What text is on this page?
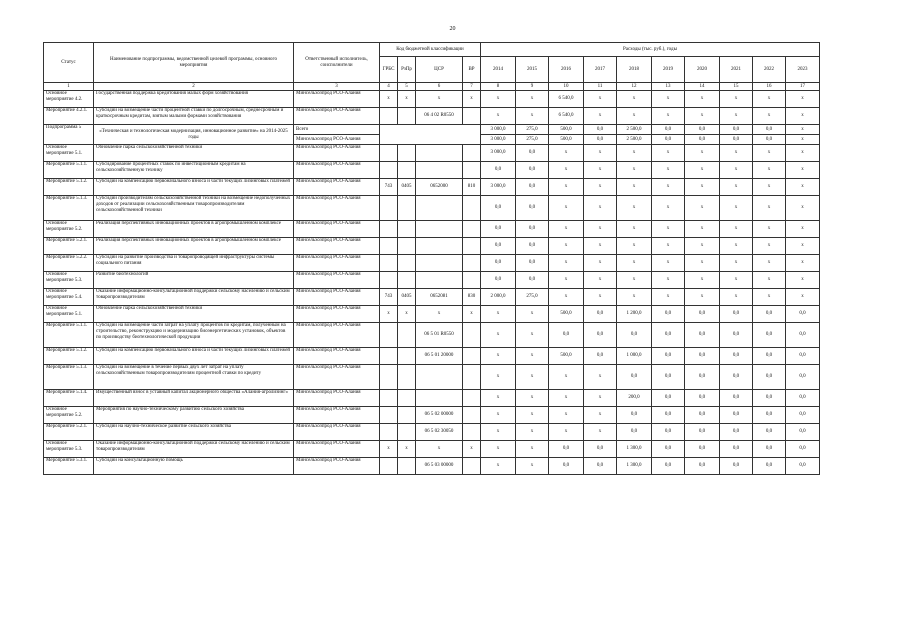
20
Статус	Наименование подпрограммы, ведомственной целевой программы, основного мероприятия	Ответственный исполнитель, соисполнители	Код бюджетной классификации				Расходы (тыс. руб.), годы									
			ГРБС	РзПр	ЦСР	ВР	2014	2015	2016	2017	2018	2019	2020	2021	2022	2023
1	2	3	4	5	6	7	8	9	10	11	12	13	14	15	16	17
Основное мероприятие 4.2.	Государственная поддержка кредитования малых форм хозяйствования	Минсельхозпрод РСО-Алания	х	х	х	х	х	х	6 540,0	х	х	х	х	х	х	х
Мероприятие 4.2.1.	Субсидии на возмещение части процентной ставки по долгосрочным, среднесрочным и краткосрочным кредитам, взятым малыми формами хозяйствования	Минсельхозпрод РСО-Алания			06 4 02 R0550		х	х	6 540,0	х	х	х	х	х	х	х
Подпрограмма 5	«Техническая и технологическая модернизация, инновационное развитие» на 2014-2025 годы	Всего					3 000,0	275,0	500,0	0,0	2 500,0	0,0	0,0	0,0	0,0	х
		Минсельхозпрод РСО-Алания					3 000,0	275,0	500,0	0,0	2 500,0	0,0	0,0	0,0	0,0	х
Основное мероприятие 5.1.	Обновление парка сельскохозяйственной техники	Минсельхозпрод РСО-Алания					3 000,0	0,0	х	х	х	х	х	х	х	х
Мероприятие 5.1.1.	Субсидирование процентных ставок по инвестиционным кредитам на сельскохозяйственную технику	Минсельхозпрод РСО-Алания					0,0	0,0	х	х	х	х	х	х	х	х
Мероприятие 5.1.2.	Субсидии на компенсацию первоначального взноса и части текущих лизинговых платежей	Минсельхозпрод РСО-Алания	743	0405	0652000	810	3 000,0	0,0	х	х	х	х	х	х	х	х
Мероприятие 5.1.3.	Субсидии производителям сельскохозяйственной техники на возмещение недополученных доходов от реализации сельскохозяйственным товаропроизводителям сельскохозяйственной техники	Минсельхозпрод РСО-Алания					0,0	0,0	х	х	х	х	х	х	х	х
Основное мероприятие 5.2.	Реализация перспективных инновационных проектов в агропромышленном комплексе	Минсельхозпрод РСО-Алания					0,0	0,0	х	х	х	х	х	х	х	х
Мероприятие 5.2.1.	Реализация перспективных инновационных проектов в агропромышленном комплексе	Минсельхозпрод РСО-Алания					0,0	0,0	х	х	х	х	х	х	х	х
Мероприятие 5.2.2.	Субсидии на развитие производства и товаропроводящей инфраструктуры системы социального питания	Минсельхозпрод РСО-Алания					0,0	0,0	х	х	х	х	х	х	х	х
Основное мероприятие 5.3.	Развитие биотехнологий	Минсельхозпрод РСО-Алания					0,0	0,0	х	х	х	х	х	х	х	х
Основное мероприятие 5.4.	Оказание информационно-консультационной поддержки сельскому населению и сельским товаропроизводителям	Минсельхозпрод РСО-Алания	743	0405	0652081	830	2 000,0	275,0	х	х	х	х	х	х	х	х
Основное мероприятие 5.1.	Обновление парка сельскохозяйственной техники	Минсельхозпрод РСО-Алания	х	х	х	х	х	х	500,0	0,0	1 200,0	0,0	0,0	0,0	0,0	0,0
Мероприятие 5.1.1.	Субсидии на возмещение части затрат на уплату процентов по кредитам, полученным на строительство, реконструкцию и модернизацию биоэнергетических установок, объектов по производству биотехнологической продукции	Минсельхозпрод РСО-Алания			06 5 01 R0550		х	х	0,0	0,0	0,0	0,0	0,0	0,0	0,0	0,0
Мероприятие 5.1.2.	Субсидии на компенсацию первоначального взноса и части текущих лизинговых платежей	Минсельхозпрод РСО-Алания			06 5 01 20000		х	х	500,0	0,0	1 000,0	0,0	0,0	0,0	0,0	0,0
Мероприятие 5.1.3.	Субсидии на возмещение в течение первых двух лет затрат на уплату сельскохозяйственным товаропроизводителям процентной ставки по кредиту	Минсельхозпрод РСО-Алания					х	х	х	х	0,0	0,0	0,0	0,0	0,0	0,0
Мероприятие 5.1.4.	Имущественный взнос в уставный капитал акционерного общества «Алания-агролизинг»	Минсельхозпрод РСО-Алания					х	х	х	х	200,0	0,0	0,0	0,0	0,0	0,0
Основное мероприятие 5.2.	Мероприятия по научно-техническому развитию сельского хозяйства	Минсельхозпрод РСО-Алания			06 5 02 00000		х	х	х	х	0,0	0,0	0,0	0,0	0,0	0,0
Мероприятие 5.2.1.	Субсидии на научно-техническое развитие сельского хозяйства	Минсельхозпрод РСО-Алания			06 5 02 30050		х	х	х	х	0,0	0,0	0,0	0,0	0,0	0,0
Основное мероприятие 5.3.	Оказание информационно-консультационной поддержки сельскому населению и сельским товаропроизводителям	Минсельхозпрод РСО-Алания	х	х	х	х	х	х	0,0	0,0	1 300,0	0,0	0,0	0,0	0,0	0,0
Мероприятие 5.3.1.	Субсидии на консультационную помощь	Минсельхозпрод РСО-Алания			06 5 03 00000		х	х	0,0	0,0	1 300,0	0,0	0,0	0,0	0,0	0,0
